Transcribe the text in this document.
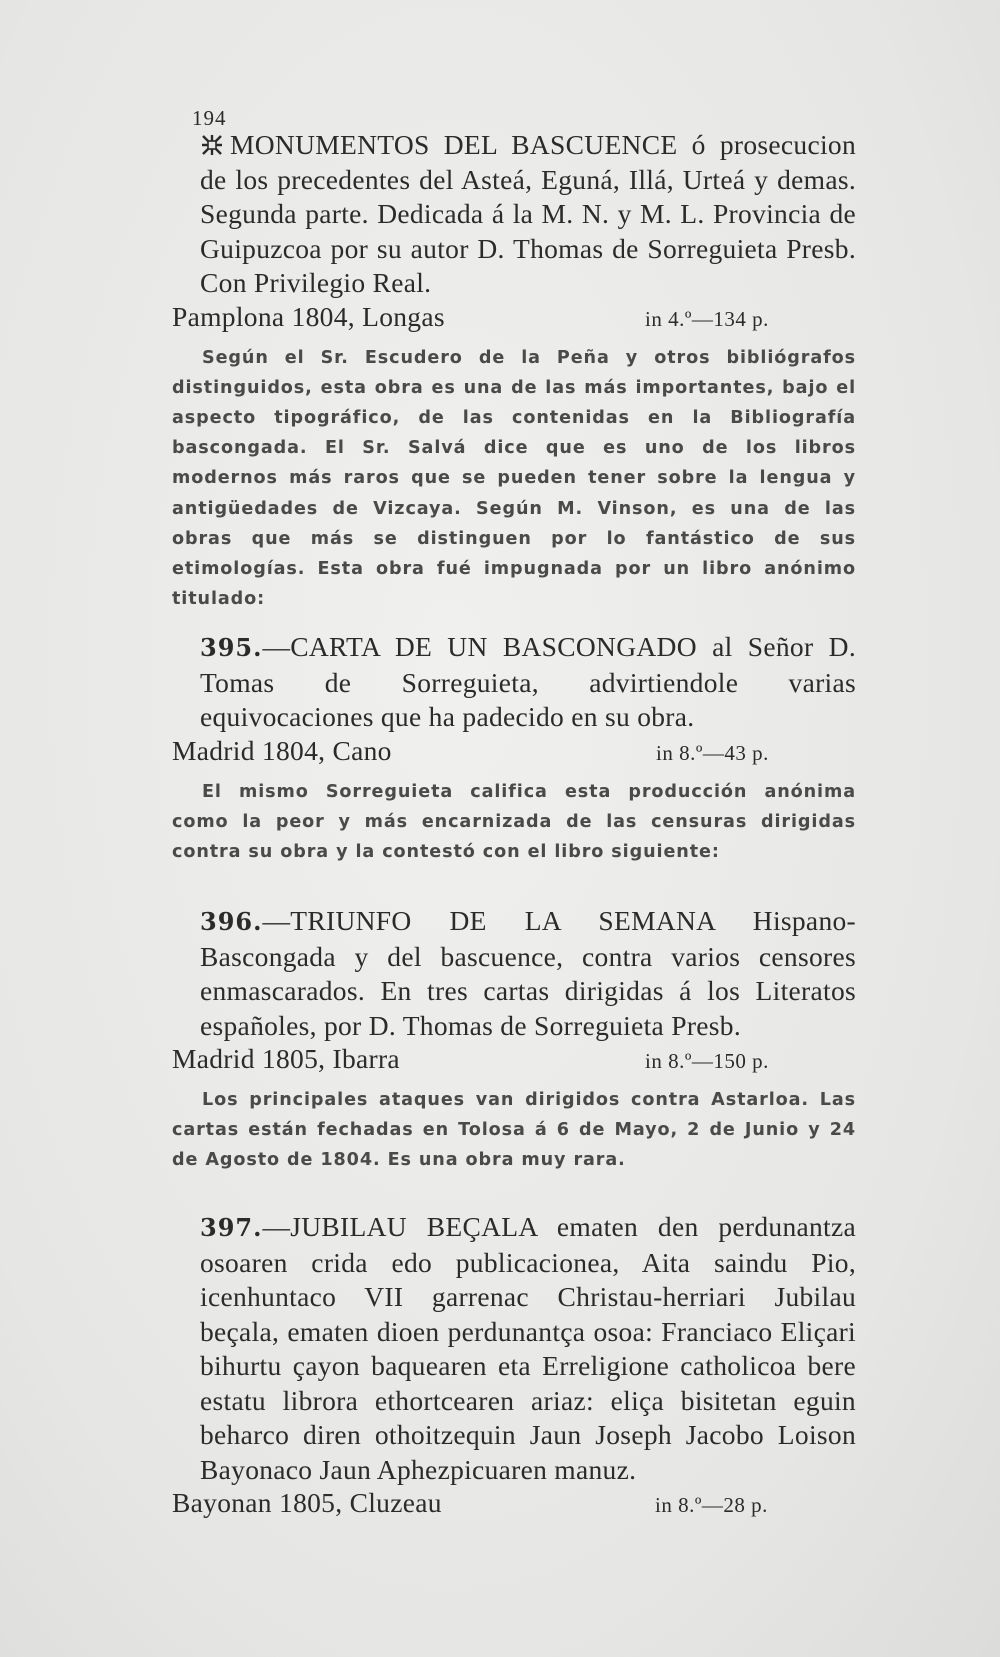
194
MONUMENTOS DEL BASCUENCE ó prosecucion de los precedentes del Asteá, Eguná, Illá, Urteá y demas. Segunda parte. Dedicada á la M. N. y M. L. Provincia de Guipuzcoa por su autor D. Thomas de Sorreguieta Presb. Con Privilegio Real.
Pamplona 1804, Longas	in 4.º—134 p.
Según el Sr. Escudero de la Peña y otros bibliógrafos distinguidos, esta obra es una de las más importantes, bajo el aspecto tipográfico, de las contenidas en la Bibliografía bascongada. El Sr. Salvá dice que es uno de los libros modernos más raros que se pueden tener sobre la lengua y antigüedades de Vizcaya. Según M. Vinson, es una de las obras que más se distinguen por lo fantástico de sus etimologías. Esta obra fué impugnada por un libro anónimo titulado:
395.—CARTA DE UN BASCONGADO al Señor D. Tomas de Sorreguieta, advirtiendole varias equivocaciones que ha padecido en su obra.
Madrid 1804, Cano	in 8.º—43 p.
El mismo Sorreguieta califica esta producción anónima como la peor y más encarnizada de las censuras dirigidas contra su obra y la contestó con el libro siguiente:
396.—TRIUNFO DE LA SEMANA Hispano-Bascongada y del bascuence, contra varios censores enmascarados. En tres cartas dirigidas á los Literatos españoles, por D. Thomas de Sorreguieta Presb.
Madrid 1805, Ibarra	in 8.º—150 p.
Los principales ataques van dirigidos contra Astarloa. Las cartas están fechadas en Tolosa á 6 de Mayo, 2 de Junio y 24 de Agosto de 1804. Es una obra muy rara.
397.—JUBILAU BEÇALA ematen den perdunantza osoaren crida edo publicacionea, Aita saindu Pio, icenhuntaco VII garrenac Christau-herriari Jubilau beçala, ematen dioen perdunantça osoa: Franciaco Eliçari bihurtu çayon baquearen eta Erreligione catholicoa bere estatu librora ethortcearen ariaz: eliça bisitetan eguin beharco diren othoitzequin Jaun Joseph Jacobo Loison Bayonaco Jaun Aphezpicuaren manuz.
Bayonan 1805, Cluzeau	in 8.º—28 p.
